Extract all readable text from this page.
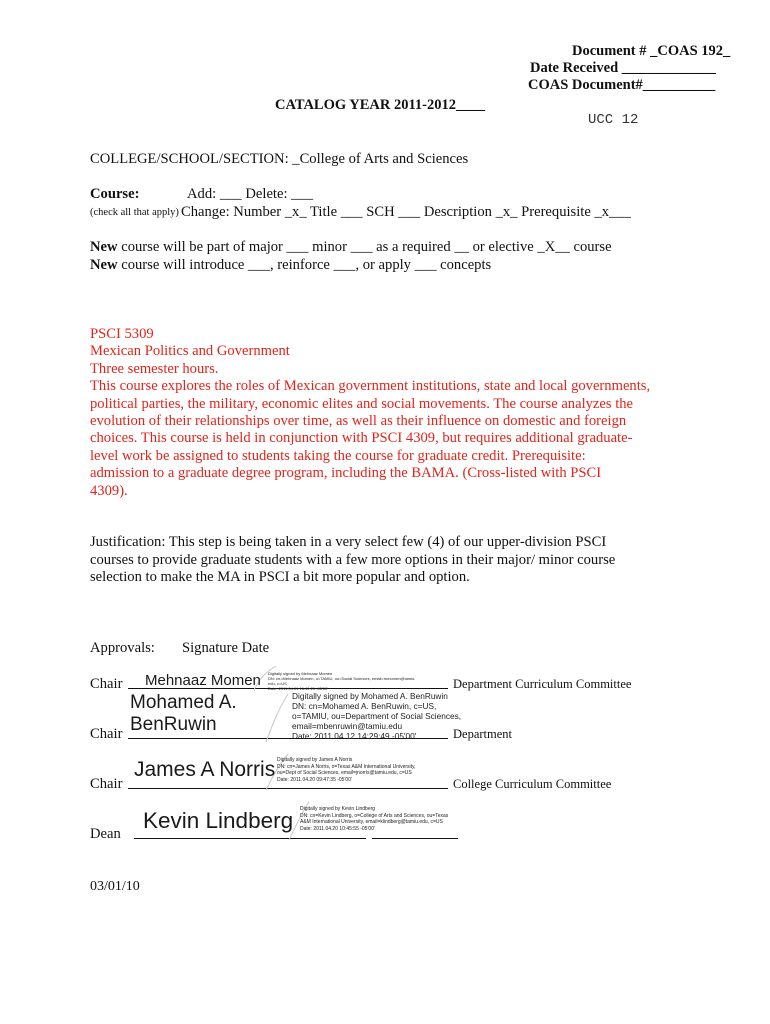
Document # _COAS 192_
Date Received _____________
COAS Document#__________
CATALOG YEAR 2011-2012____
UCC 12
COLLEGE/SCHOOL/SECTION: _College of Arts and Sciences
Course:	Add: ___ Delete: ___
(check all that apply) Change: Number _x_ Title ___ SCH ___ Description _x_ Prerequisite _x___
New course will be part of major ___ minor ___ as a required __ or elective _X__ course
New course will introduce ___, reinforce ___, or apply ___ concepts
PSCI 5309
Mexican Politics and Government
Three semester hours.
This course explores the roles of Mexican government institutions, state and local governments,
political parties, the military, economic elites and social movements. The course analyzes the
evolution of their relationships over time, as well as their influence on domestic and foreign
choices. This course is held in conjunction with PSCI 4309, but requires additional graduate-
level work be assigned to students taking the course for graduate credit. Prerequisite:
admission to a graduate degree program, including the BAMA. (Cross-listed with PSCI
4309).
Justification: This step is being taken in a very select few (4) of our upper-division PSCI
courses to provide graduate students with a few more options in their major/ minor course
selection to make the MA in PSCI a bit more popular and option.
Approvals: Signature Date
Chair Mehnaaz Momen Digitally signed by Mehnaaz Momen
DN: cn=Mehnaaz Momen, o=TAMIU, ou=Social Sciences, email=mmomen@tamiu.
edu, c=US
Date: 2011.04.01 16:49:21 -05'00'	Department Curriculum Committee
Chair
Mohamed A.
BenRuwin
Digitally signed by Mohamed A. BenRuwin
DN: cn=Mohamed A. BenRuwin, c=US,
o=TAMIU, ou=Department of Social Sciences,
email=mbenruwin@tamiu.edu
Date: 2011.04.12 14:29:49 -05'00'	Department
Chair
James A Norris Digitally signed by James A Norris
DN: cn=James A Norris, o=Texas A&M International University,
ou=Dept of Social Sciences, email=jnorris@tamiu.edu, c=US
Date: 2011.04.20 09:47:35 -05'00'	College Curriculum Committee
Dean
Kevin Lindberg Digitally signed by Kevin Lindberg
DN: cn=Kevin Lindberg, o=College of Arts and Sciences, ou=Texas
A&M International University, email=klindberg@tamiu.edu, c=US
Date: 2011.04.20 10:45:55 -05'00'
03/01/10
